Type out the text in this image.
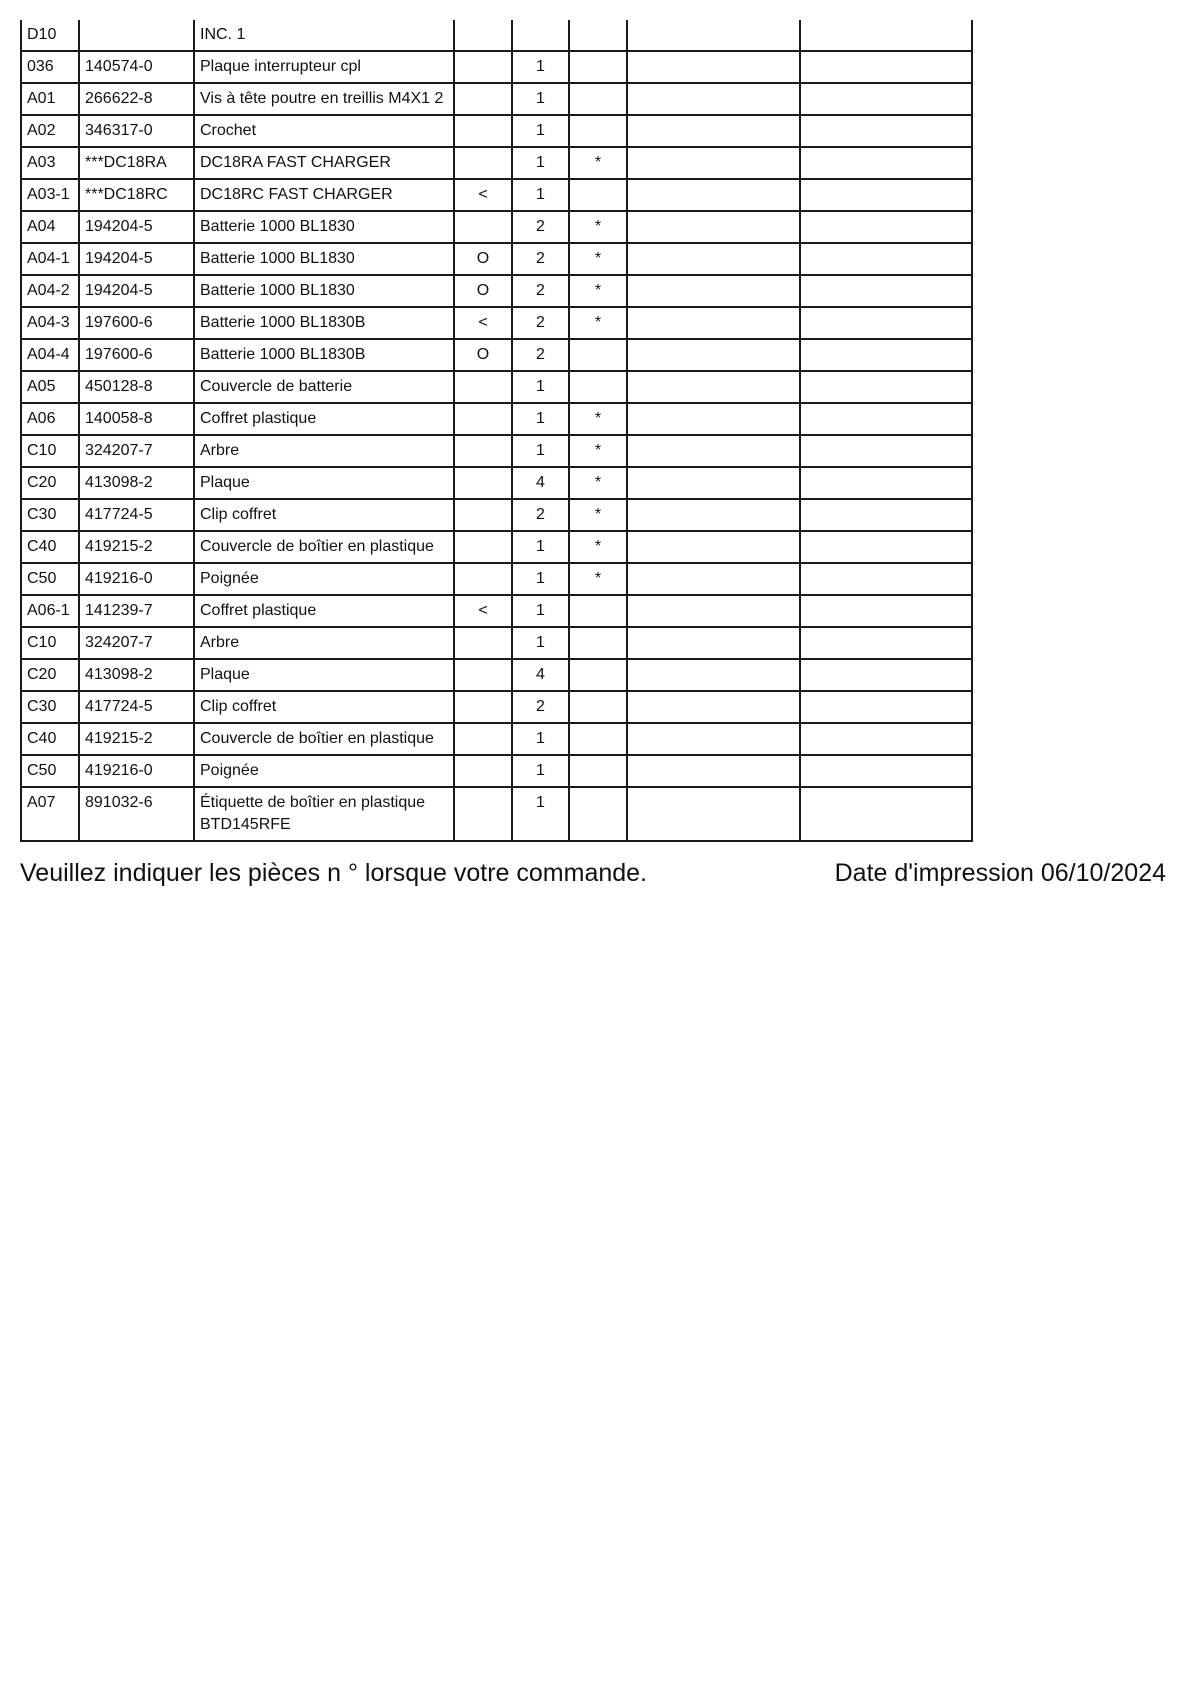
D10		INC. 1					
036	140574-0	Plaque interrupteur cpl		1			
A01	266622-8	Vis à tête poutre en treillis M4X1 2		1			
A02	346317-0	Crochet		1			
A03	***DC18RA	DC18RA FAST CHARGER		1	*		
A03-1	***DC18RC	DC18RC FAST CHARGER	<	1			
A04	194204-5	Batterie 1000 BL1830		2	*		
A04-1	194204-5	Batterie 1000 BL1830	O	2	*		
A04-2	194204-5	Batterie 1000 BL1830	O	2	*		
A04-3	197600-6	Batterie 1000 BL1830B	<	2	*		
A04-4	197600-6	Batterie 1000 BL1830B	O	2			
A05	450128-8	Couvercle de batterie		1			
A06	140058-8	Coffret plastique		1	*		
C10	324207-7	Arbre		1	*		
C20	413098-2	Plaque		4	*		
C30	417724-5	Clip coffret		2	*		
C40	419215-2	Couvercle de boîtier en plastique		1	*		
C50	419216-0	Poignée		1	*		
A06-1	141239-7	Coffret plastique	<	1			
C10	324207-7	Arbre		1			
C20	413098-2	Plaque		4			
C30	417724-5	Clip coffret		2			
C40	419215-2	Couvercle de boîtier en plastique		1			
C50	419216-0	Poignée		1			
A07	891032-6	Étiquette de boîtier en plastique BTD145RFE		1			
Veuillez indiquer les pièces n ° lorsque votre commande.	Date d'impression 06/10/2024
